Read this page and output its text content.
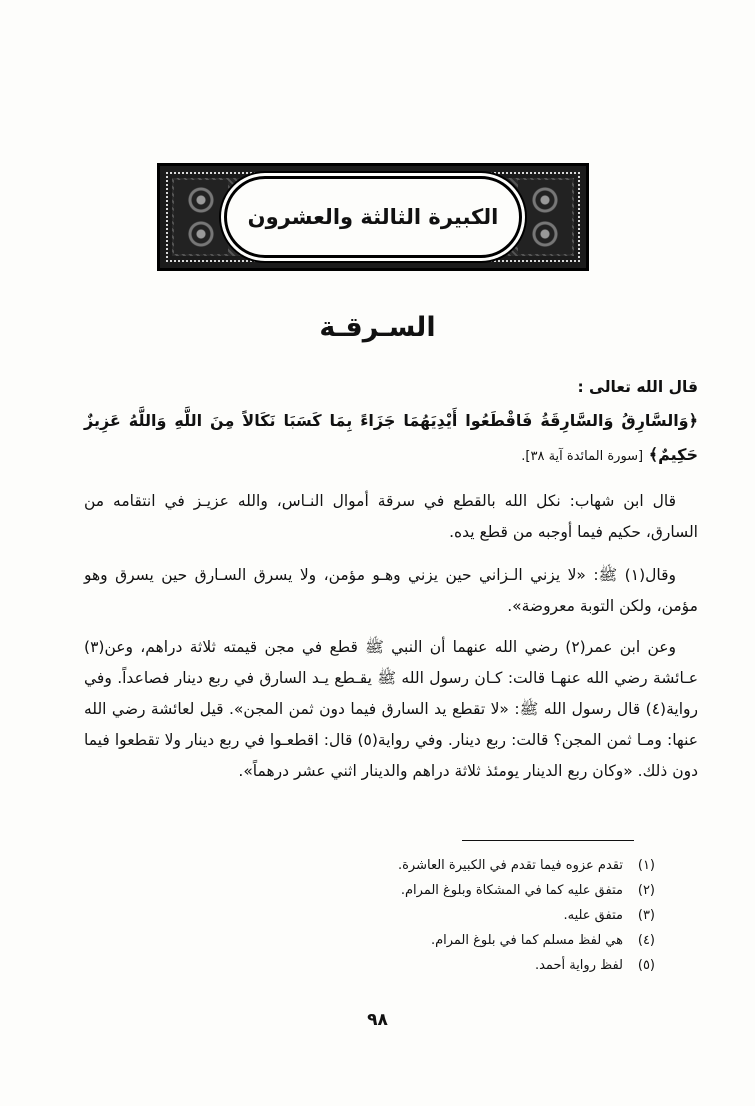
الكبيرة الثالثة والعشرون
السـرقـة

قال الله تعالى :

﴿وَالسَّارِقُ وَالسَّارِقَةُ فَاقْطَعُوا أَيْدِيَهُمَا جَزَاءً بِمَا كَسَبَا نَكَالاً مِنَ اللَّهِ وَاللَّهُ عَزِيزٌ حَكِيمٌ﴾ [سورة المائدة آية ٣٨].

قال ابن شهاب: نكل الله بالقطع في سرقة أموال النـاس، والله عزيـز في انتقامه من السارق، حكيم فيما أوجبه من قطع يده.

وقال(١) ﷺ: «لا يزني الـزاني حين يزني وهـو مؤمن، ولا يسرق السـارق حين يسرق وهو مؤمن، ولكن التوبة معروضة».

وعن ابن عمر(٢) رضي الله عنهما أن النبي ﷺ قطع في مجن قيمته ثلاثة دراهم، وعن(٣) عـائشة رضي الله عنهـا قالت: كـان رسول الله ﷺ يقـطع يـد السارق في ربع دينار فصاعداً. وفي رواية(٤) قال رسول الله ﷺ: «لا تقطع يد السارق فيما دون ثمن المجن». قيل لعائشة رضي الله عنها: ومـا ثمن المجن؟ قالت: ربع دينار. وفي رواية(٥) قال: اقطعـوا في ربع دينار ولا تقطعوا فيما دون ذلك. «وكان ربع الدينار يومئذ ثلاثة دراهم والدينار اثني عشر درهماً».

(١)تقدم عزوه فيما تقدم في الكبيرة العاشرة.
(٢)متفق عليه كما في المشكاة وبلوغ المرام.
(٣)متفق عليه.
(٤)هي لفظ مسلم كما في بلوغ المرام.
(٥)لفظ رواية أحمد.
٩٨
